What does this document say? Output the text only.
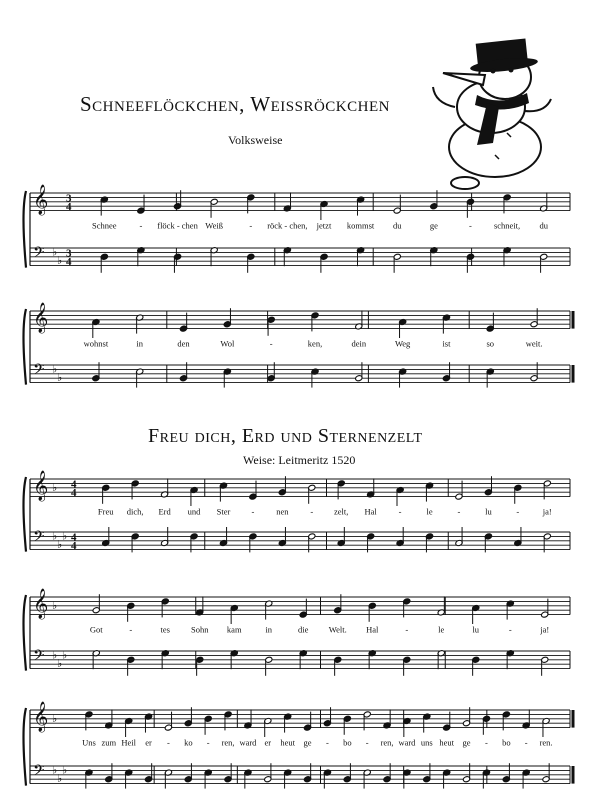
Schneeflöckchen, Weissröckchen
Volksweise
Freu dich, Erd und Sternenzelt
Weise: Leitmeritz 1520
𝄞
𝄢 ♭
♭
3
4
3
4
Schnee	- flöck - chen Weiß	- röck - chen, jetzt kommst du	ge	-	schneit, du
𝄞
𝄢 ♭
♭
wohnst	in	den	Wol	-	ken,	dein	Weg	ist	so	weit.
𝄞
𝄢
♭
♭
♭
♭
4
4
4
4
Freu dich, Erd und Ster -	nen	- zelt, Hal	-	le	-	lu	-	ja!
𝄞
𝄢
♭
♭
♭
♭
Got	-	tes Sohn kam	in	die Welt. Hal	-	le	lu	-	ja!
𝄞
𝄢
♭
♭
♭
♭
Uns zum Heil er - ko - ren, ward er heut ge - bo - ren, ward uns heut ge - bo - ren.
